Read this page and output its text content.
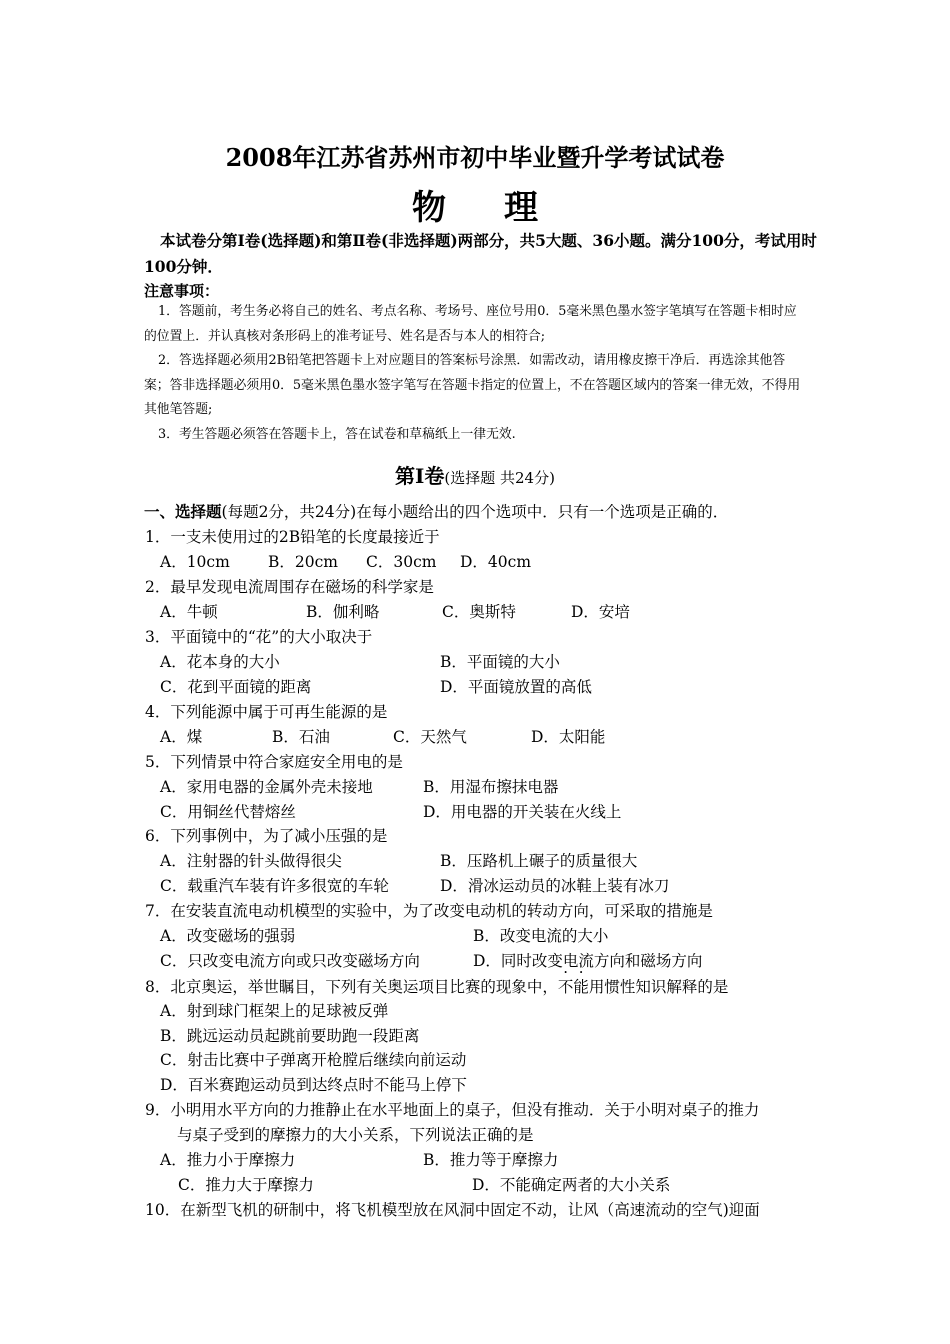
2008年江苏省苏州市初中毕业暨升学考试试卷
物理
本试卷分第Ⅰ卷(选择题)和第Ⅱ卷(非选择题)两部分，共5大题、36小题。满分100分，考试用时100分钟．
注意事项：
1．答题前，考生务必将自己的姓名、考点名称、考场号、座位号用0．5毫米黑色墨水签字笔填写在答题卡相时应的位置上．并认真核对条形码上的准考证号、姓名是否与本人的相符合;
2．答选择题必须用2B铅笔把答题卡上对应题目的答案标号涂黑．如需改动，请用橡皮擦干净后．再选涂其他答案；答非选择题必须用0．5毫米黑色墨水签字笔写在答题卡指定的位置上，不在答题区域内的答案一律无效，不得用其他笔答题;
3．考生答题必须答在答题卡上，答在试卷和草稿纸上一律无效.
第Ⅰ卷(选择题 共24分)
一、选择题(每题2分，共24分)在每小题给出的四个选项中．只有一个选项是正确的．
1．一支未使用过的2B铅笔的长度最接近于
A．10cm B．20cm C．30cm D．40cm
2．最早发现电流周围存在磁场的科学家是
A．牛顿	B．伽利略	C．奥斯特	D．安培
3．平面镜中的“花”的大小取决于
A．花本身的大小	B．平面镜的大小
C．花到平面镜的距离	D．平面镜放置的高低
4．下列能源中属于可再生能源的是
A．煤	B．石油	C．天然气	D．太阳能
5．下列情景中符合家庭安全用电的是
A．家用电器的金属外壳未接地	B．用湿布擦抹电器
C．用铜丝代替熔丝	D．用电器的开关装在火线上
6．下列事例中，为了减小压强的是
A．注射器的针头做得很尖	B．压路机上碾子的质量很大
C．载重汽车装有许多很宽的车轮	D．滑冰运动员的冰鞋上装有冰刀
7．在安装直流电动机模型的实验中，为了改变电动机的转动方向，可采取的措施是
A．改变磁场的强弱	B．改变电流的大小
C．只改变电流方向或只改变磁场方向	D．同时改变电流方向和磁场方向
8．北京奥运，举世瞩目，下列有关奥运项目比赛的现象中，不能用惯性知识解释的是
A．射到球门框架上的足球被反弹
B．跳远运动员起跳前要助跑一段距离
C．射击比赛中子弹离开枪膛后继续向前运动
D．百米赛跑运动员到达终点时不能马上停下
9．小明用水平方向的力推静止在水平地面上的桌子，但没有推动．关于小明对桌子的推力
与桌子受到的摩擦力的大小关系，下列说法正确的是
A．推力小于摩擦力	B．推力等于摩擦力
C．推力大于摩擦力	D．不能确定两者的大小关系
10．在新型飞机的研制中，将飞机模型放在风洞中固定不动，让风（高速流动的空气)迎面
